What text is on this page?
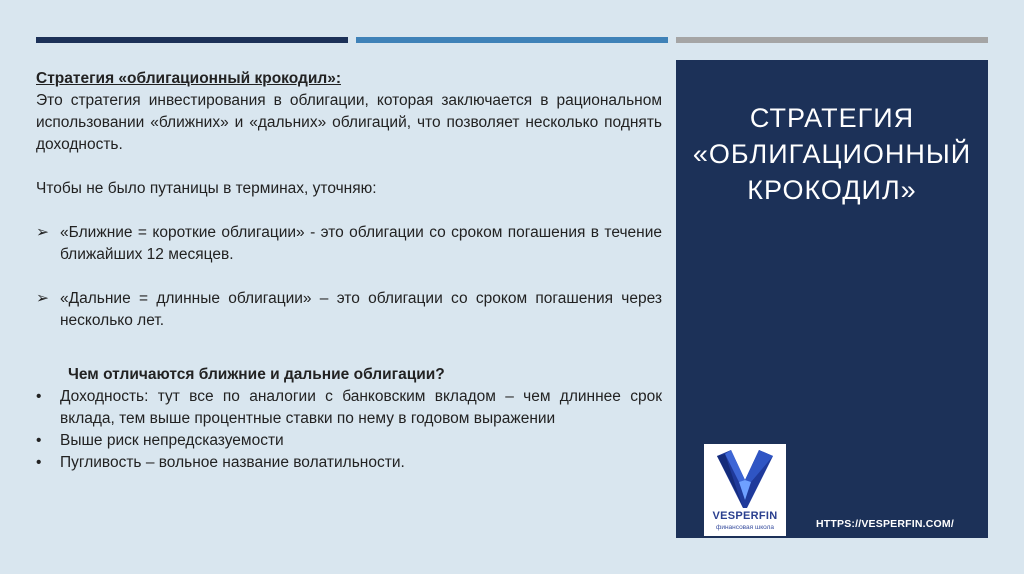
Стратегия «облигационный крокодил»:

Это стратегия инвестирования в облигации, которая заключается в рациональном использовании «ближних» и «дальних» облигаций, что позволяет несколько поднять доходность.

Чтобы не было путаницы в терминах, уточняю:

➢ «Ближние = короткие облигации» - это облигации со сроком погашения в течение ближайших 12 месяцев.

➢ «Дальние = длинные облигации» – это облигации со сроком погашения через несколько лет.

Чем отличаются ближние и дальние облигации?

• Доходность: тут все по аналогии с банковским вкладом – чем длиннее срок вклада, тем выше процентные ставки по нему в годовом выражении

• Выше риск непредсказуемости

• Пугливость – вольное название волатильности.

СТРАТЕГИЯ «ОБЛИГАЦИОННЫЙ КРОКОДИЛ»
VESPERFIN
финансовая школа	HTTPS://VESPERFIN.COM/
